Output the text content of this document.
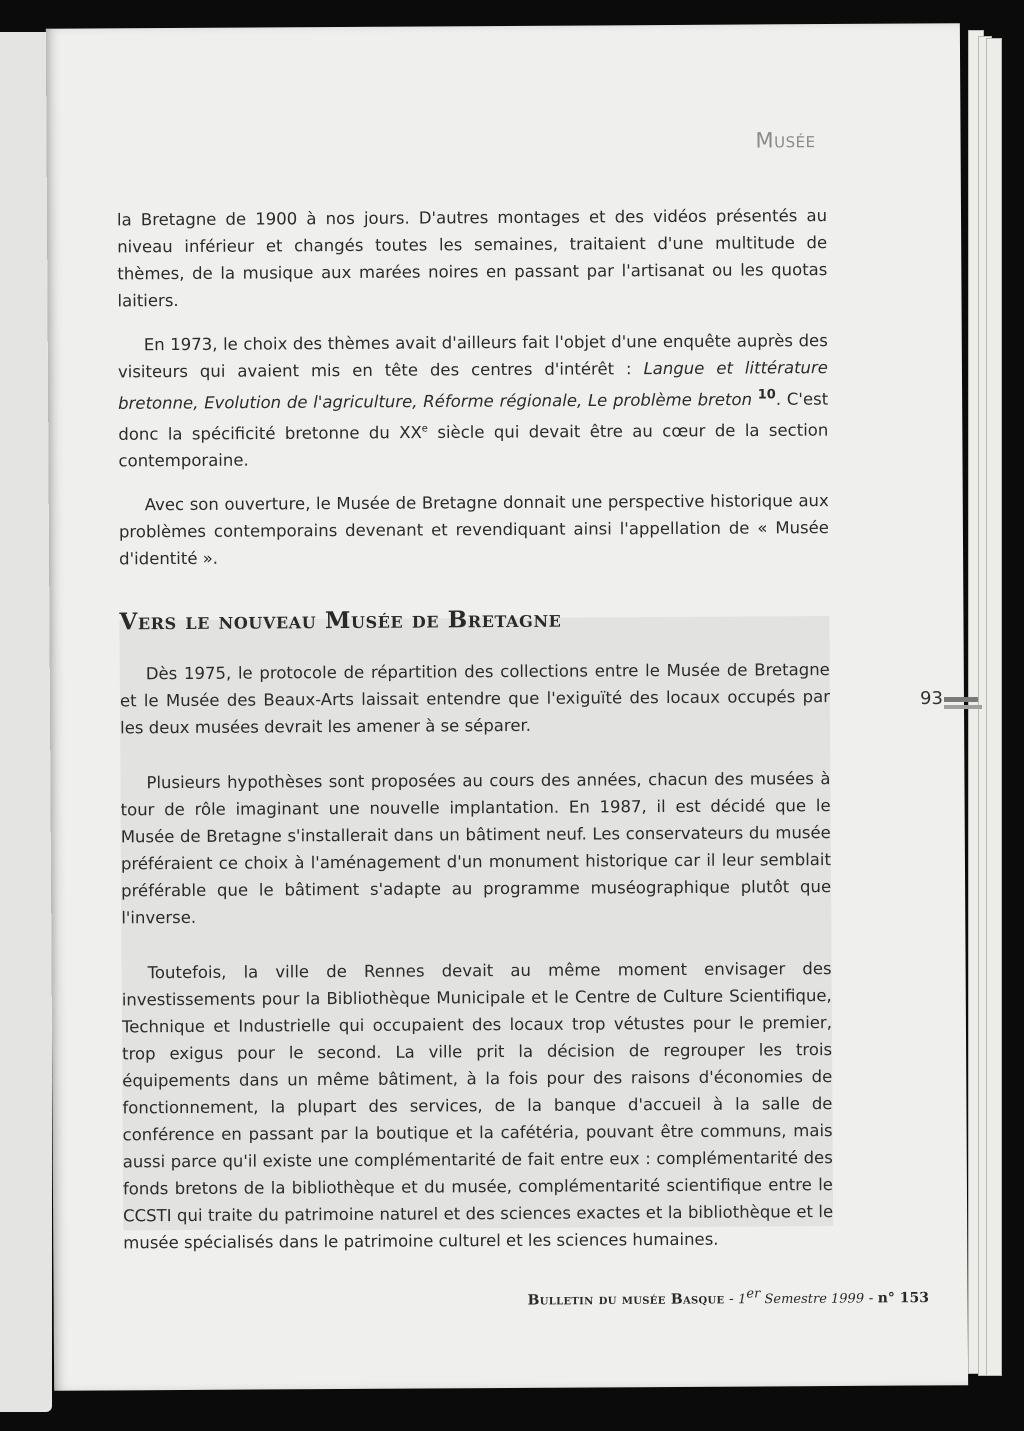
Musée

la Bretagne de 1900 à nos jours. D'autres montages et des vidéos présentés au niveau inférieur et changés toutes les semaines, traitaient d'une multitude de thèmes, de la musique aux marées noires en passant par l'artisanat ou les quotas laitiers.

En 1973, le choix des thèmes avait d'ailleurs fait l'objet d'une enquête auprès des visiteurs qui avaient mis en tête des centres d'intérêt : Langue et littérature bretonne, Evolution de l'agriculture, Réforme régionale, Le problème breton $^{10}$. C'est donc la spécificité bretonne du XXe siècle qui devait être au cœur de la section contemporaine.

Avec son ouverture, le Musée de Bretagne donnait une perspective historique aux problèmes contemporains devenant et revendiquant ainsi l'appellation de « Musée d'identité ».

Vers le nouveau Musée de Bretagne

Dès 1975, le protocole de répartition des collections entre le Musée de Bretagne et le Musée des Beaux-Arts laissait entendre que l'exiguïté des locaux occupés par les deux musées devrait les amener à se séparer.

Plusieurs hypothèses sont proposées au cours des années, chacun des musées à tour de rôle imaginant une nouvelle implantation. En 1987, il est décidé que le Musée de Bretagne s'installerait dans un bâtiment neuf. Les conservateurs du musée préféraient ce choix à l'aménagement d'un monument historique car il leur semblait préférable que le bâtiment s'adapte au programme muséographique plutôt que l'inverse.

Toutefois, la ville de Rennes devait au même moment envisager des investissements pour la Bibliothèque Municipale et le Centre de Culture Scientifique, Technique et Industrielle qui occupaient des locaux trop vétustes pour le premier, trop exigus pour le second. La ville prit la décision de regrouper les trois équipements dans un même bâtiment, à la fois pour des raisons d'économies de fonctionnement, la plupart des services, de la banque d'accueil à la salle de conférence en passant par la boutique et la cafétéria, pouvant être communs, mais aussi parce qu'il existe une complémentarité de fait entre eux : complémentarité des fonds bretons de la bibliothèque et du musée, complémentarité scientifique entre le CCSTI qui traite du patrimoine naturel et des sciences exactes et la bibliothèque et le musée spécialisés dans le patrimoine culturel et les sciences humaines.

Bulletin du musée Basque - 1er Semestre 1999 - n° 153
93
